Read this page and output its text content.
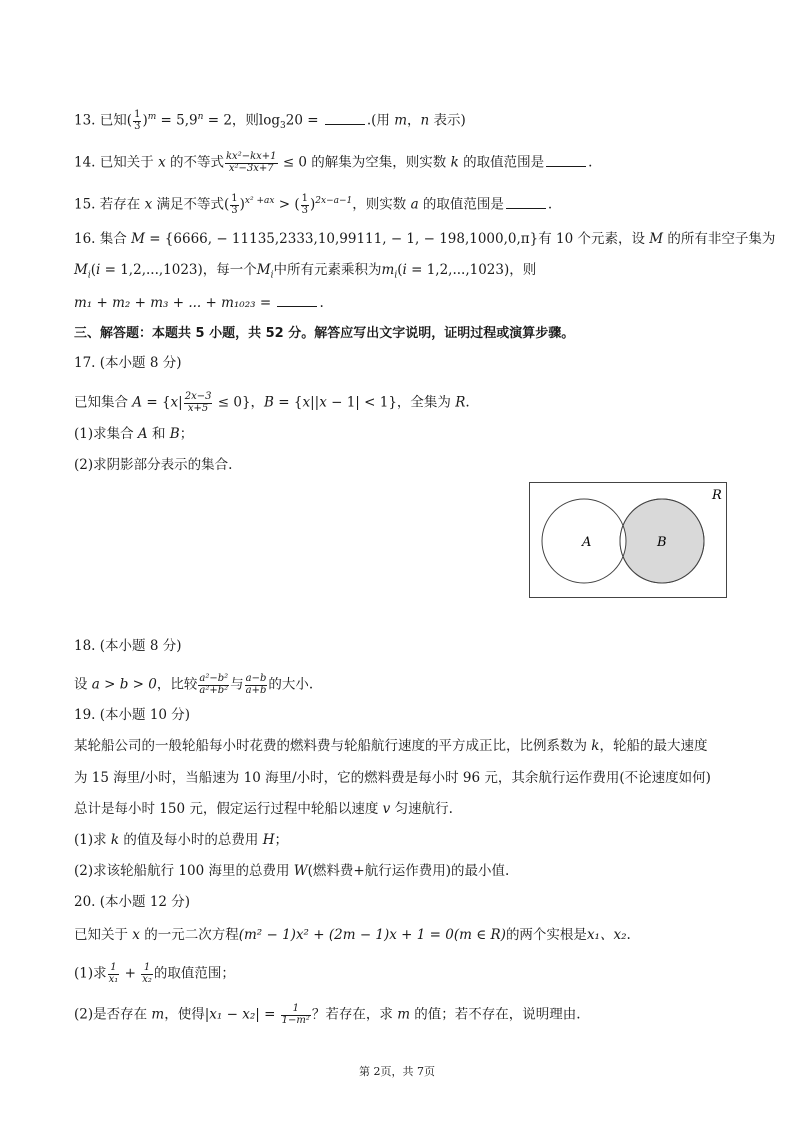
13. 已知( $\frac{1}{3} )^m = 5,9^n = 2$，则$\log_320$ =	.(用 m，n 表示)
14. 已知关于 x 的不等式 $\frac{\text{kx²−kx+1}}{\text{x²−3x+7}} \le 0$ 的解集为空集，则实数 k 的取值范围是	.
15. 若存在 x 满足不等式( $\frac{1}{3} )^{x^2 +ax}$ > ( $\frac{1}{3} )^{2x-a-1}$，则实数 a 的取值范围是	.
16. 集合 M = {6666, − 11135,2333,10,99111, − 1, − 198,1000,0,π}有 10 个元素，设 M 的所有非空子集为
$M_i(i = 1,2,...,1023)$，每一个$M_i$中所有元素乘积为$m_i(i = 1,2,...,1023)$，则
m₁ + m₂ + m₃ + ... + m₁₀₂₃ =	.
三、解答题：本题共 5 小题，共 52 分。解答应写出文字说明，证明过程或演算步骤。
17. (本小题 8 分)
已知集合 $A = \{x| \frac{2x-3}{x+5} \le 0\}$，B = {x||x − 1| < 1}，全集为 R.
(1)求集合 A 和 B；
(2)求阴影部分表示的集合.
R
A	B
18. (本小题 8 分)
设 a > b > 0，比较 $\frac{\text{a²−b²}}{\text{a²+b²}}$ 与 $\frac{a-b}{a+b}$ 的大小.
19. (本小题 10 分)
某轮船公司的一般轮船每小时花费的燃料费与轮船航行速度的平方成正比，比例系数为 k，轮船的最大速度
为 15 海里/小时，当船速为 10 海里/小时，它的燃料费是每小时 96 元，其余航行运作费用(不论速度如何)
总计是每小时 150 元，假定运行过程中轮船以速度 v 匀速航行.
(1)求 k 的值及每小时的总费用 H；
(2)求该轮船航行 100 海里的总费用 W(燃料费+航行运作费用)的最小值.
20. (本小题 12 分)
已知关于 x 的一元二次方程(m² − 1)x² + (2m − 1)x + 1 = 0(m ∈ R)的两个实根是x₁、x₂.
(1)求 $\frac{1}{\text{x₁}} + \frac{1}{\text{x₂}}$ 的取值范围；
(2)是否存在 m，使得$|x_1 - x_2| = \frac{1}{\text{1−m²}}$ ？若存在，求 m 的值；若不存在，说明理由.
第 2页，共 7页
